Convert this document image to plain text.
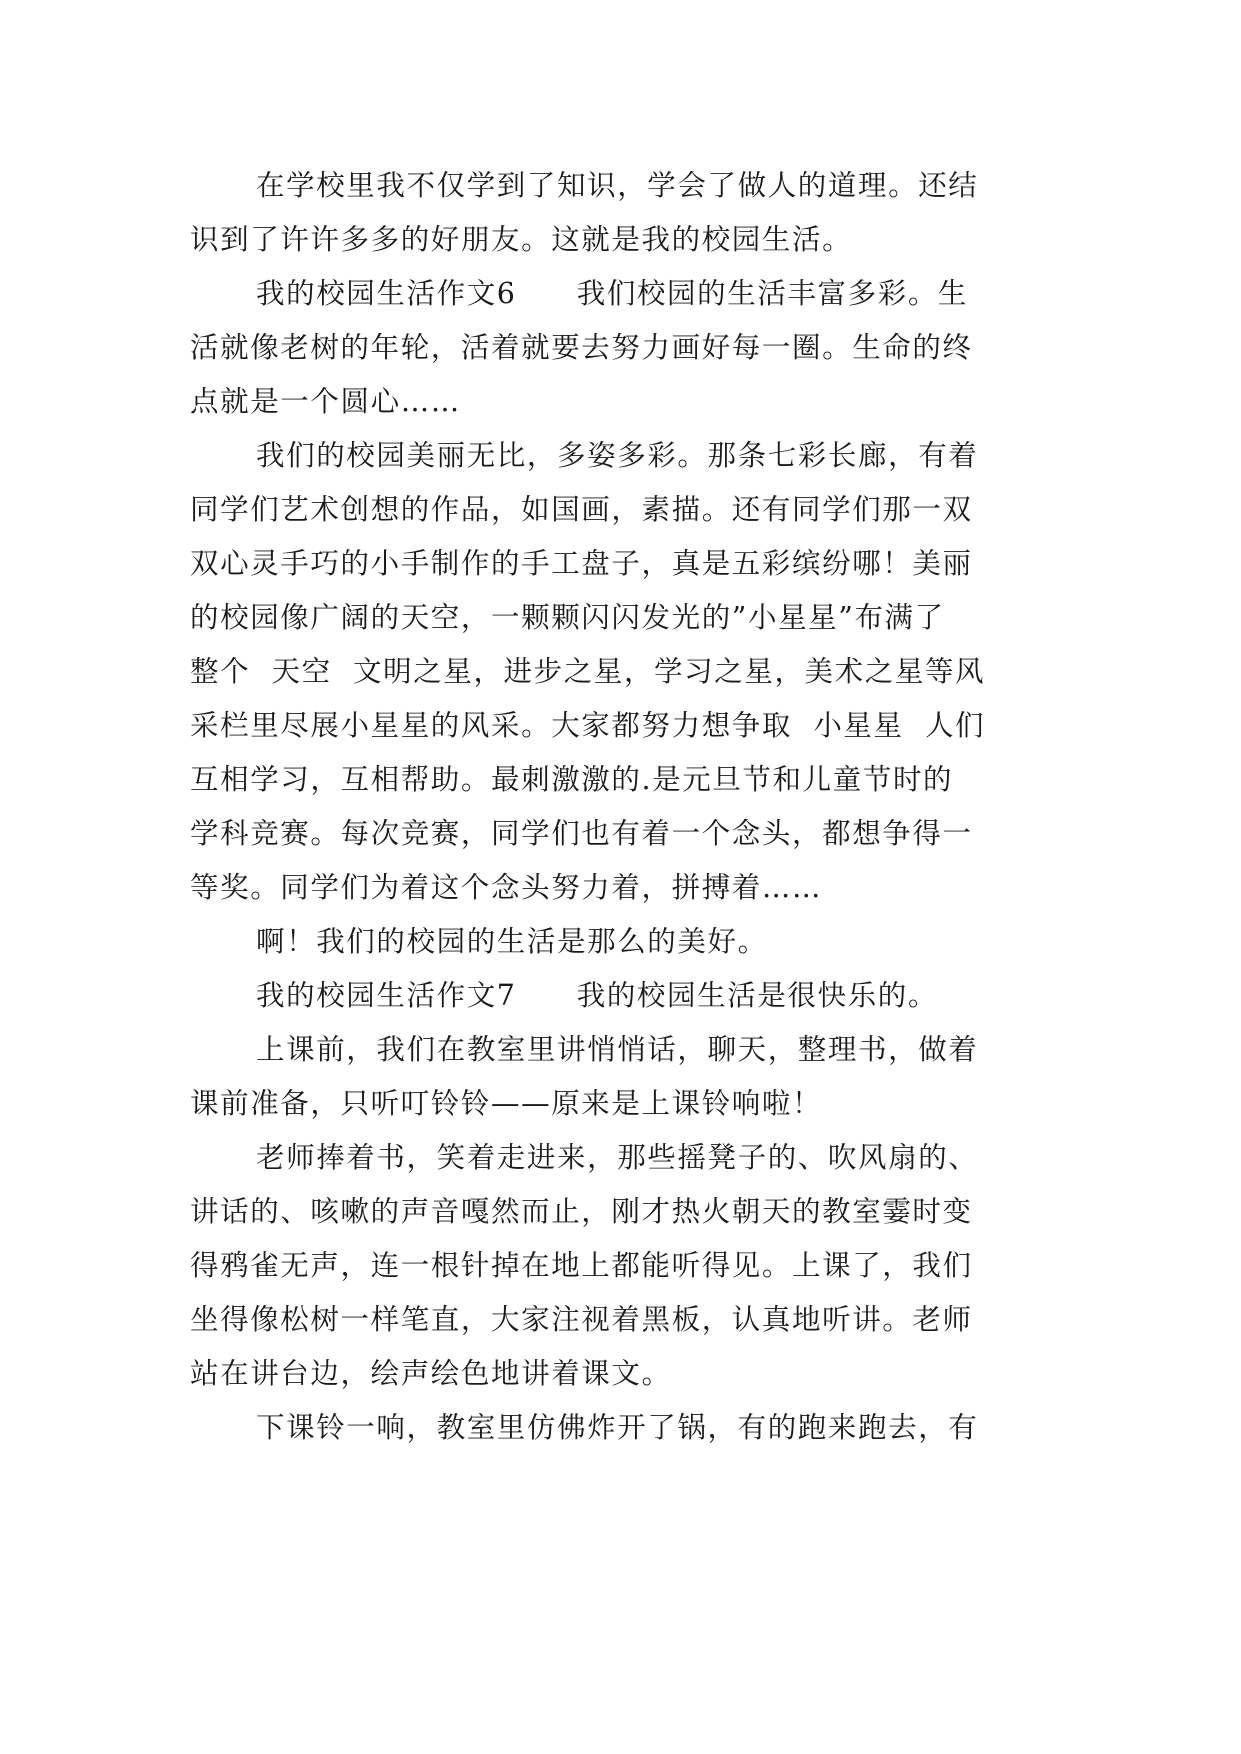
在学校里我不仅学到了知识，学会了做人的道理。还结
识到了许许多多的好朋友。这就是我的校园生活。
我的校园生活作文6　　我们校园的生活丰富多彩。生
活就像老树的年轮，活着就要去努力画好每一圈。生命的终
点就是一个圆心……
我们的校园美丽无比，多姿多彩。那条七彩长廊，有着
同学们艺术创想的作品，如国画，素描。还有同学们那一双
双心灵手巧的小手制作的手工盘子，真是五彩缤纷哪！美丽
的校园像广阔的天空，一颗颗闪闪发光的”小星星”布满了
整个  天空  文明之星，进步之星，学习之星，美术之星等风
采栏里尽展小星星的风采。大家都努力想争取  小星星  人们
互相学习，互相帮助。最刺激激的.是元旦节和儿童节时的
学科竞赛。每次竞赛，同学们也有着一个念头，都想争得一
等奖。同学们为着这个念头努力着，拼搏着……
啊！我们的校园的生活是那么的美好。
我的校园生活作文7　　我的校园生活是很快乐的。
上课前，我们在教室里讲悄悄话，聊天，整理书，做着
课前准备，只听叮铃铃——原来是上课铃响啦！
老师捧着书，笑着走进来，那些摇凳子的、吹风扇的、
讲话的、咳嗽的声音嘎然而止，刚才热火朝天的教室霎时变
得鸦雀无声，连一根针掉在地上都能听得见。上课了，我们
坐得像松树一样笔直，大家注视着黑板，认真地听讲。老师
站在讲台边，绘声绘色地讲着课文。
下课铃一响，教室里仿佛炸开了锅，有的跑来跑去，有
